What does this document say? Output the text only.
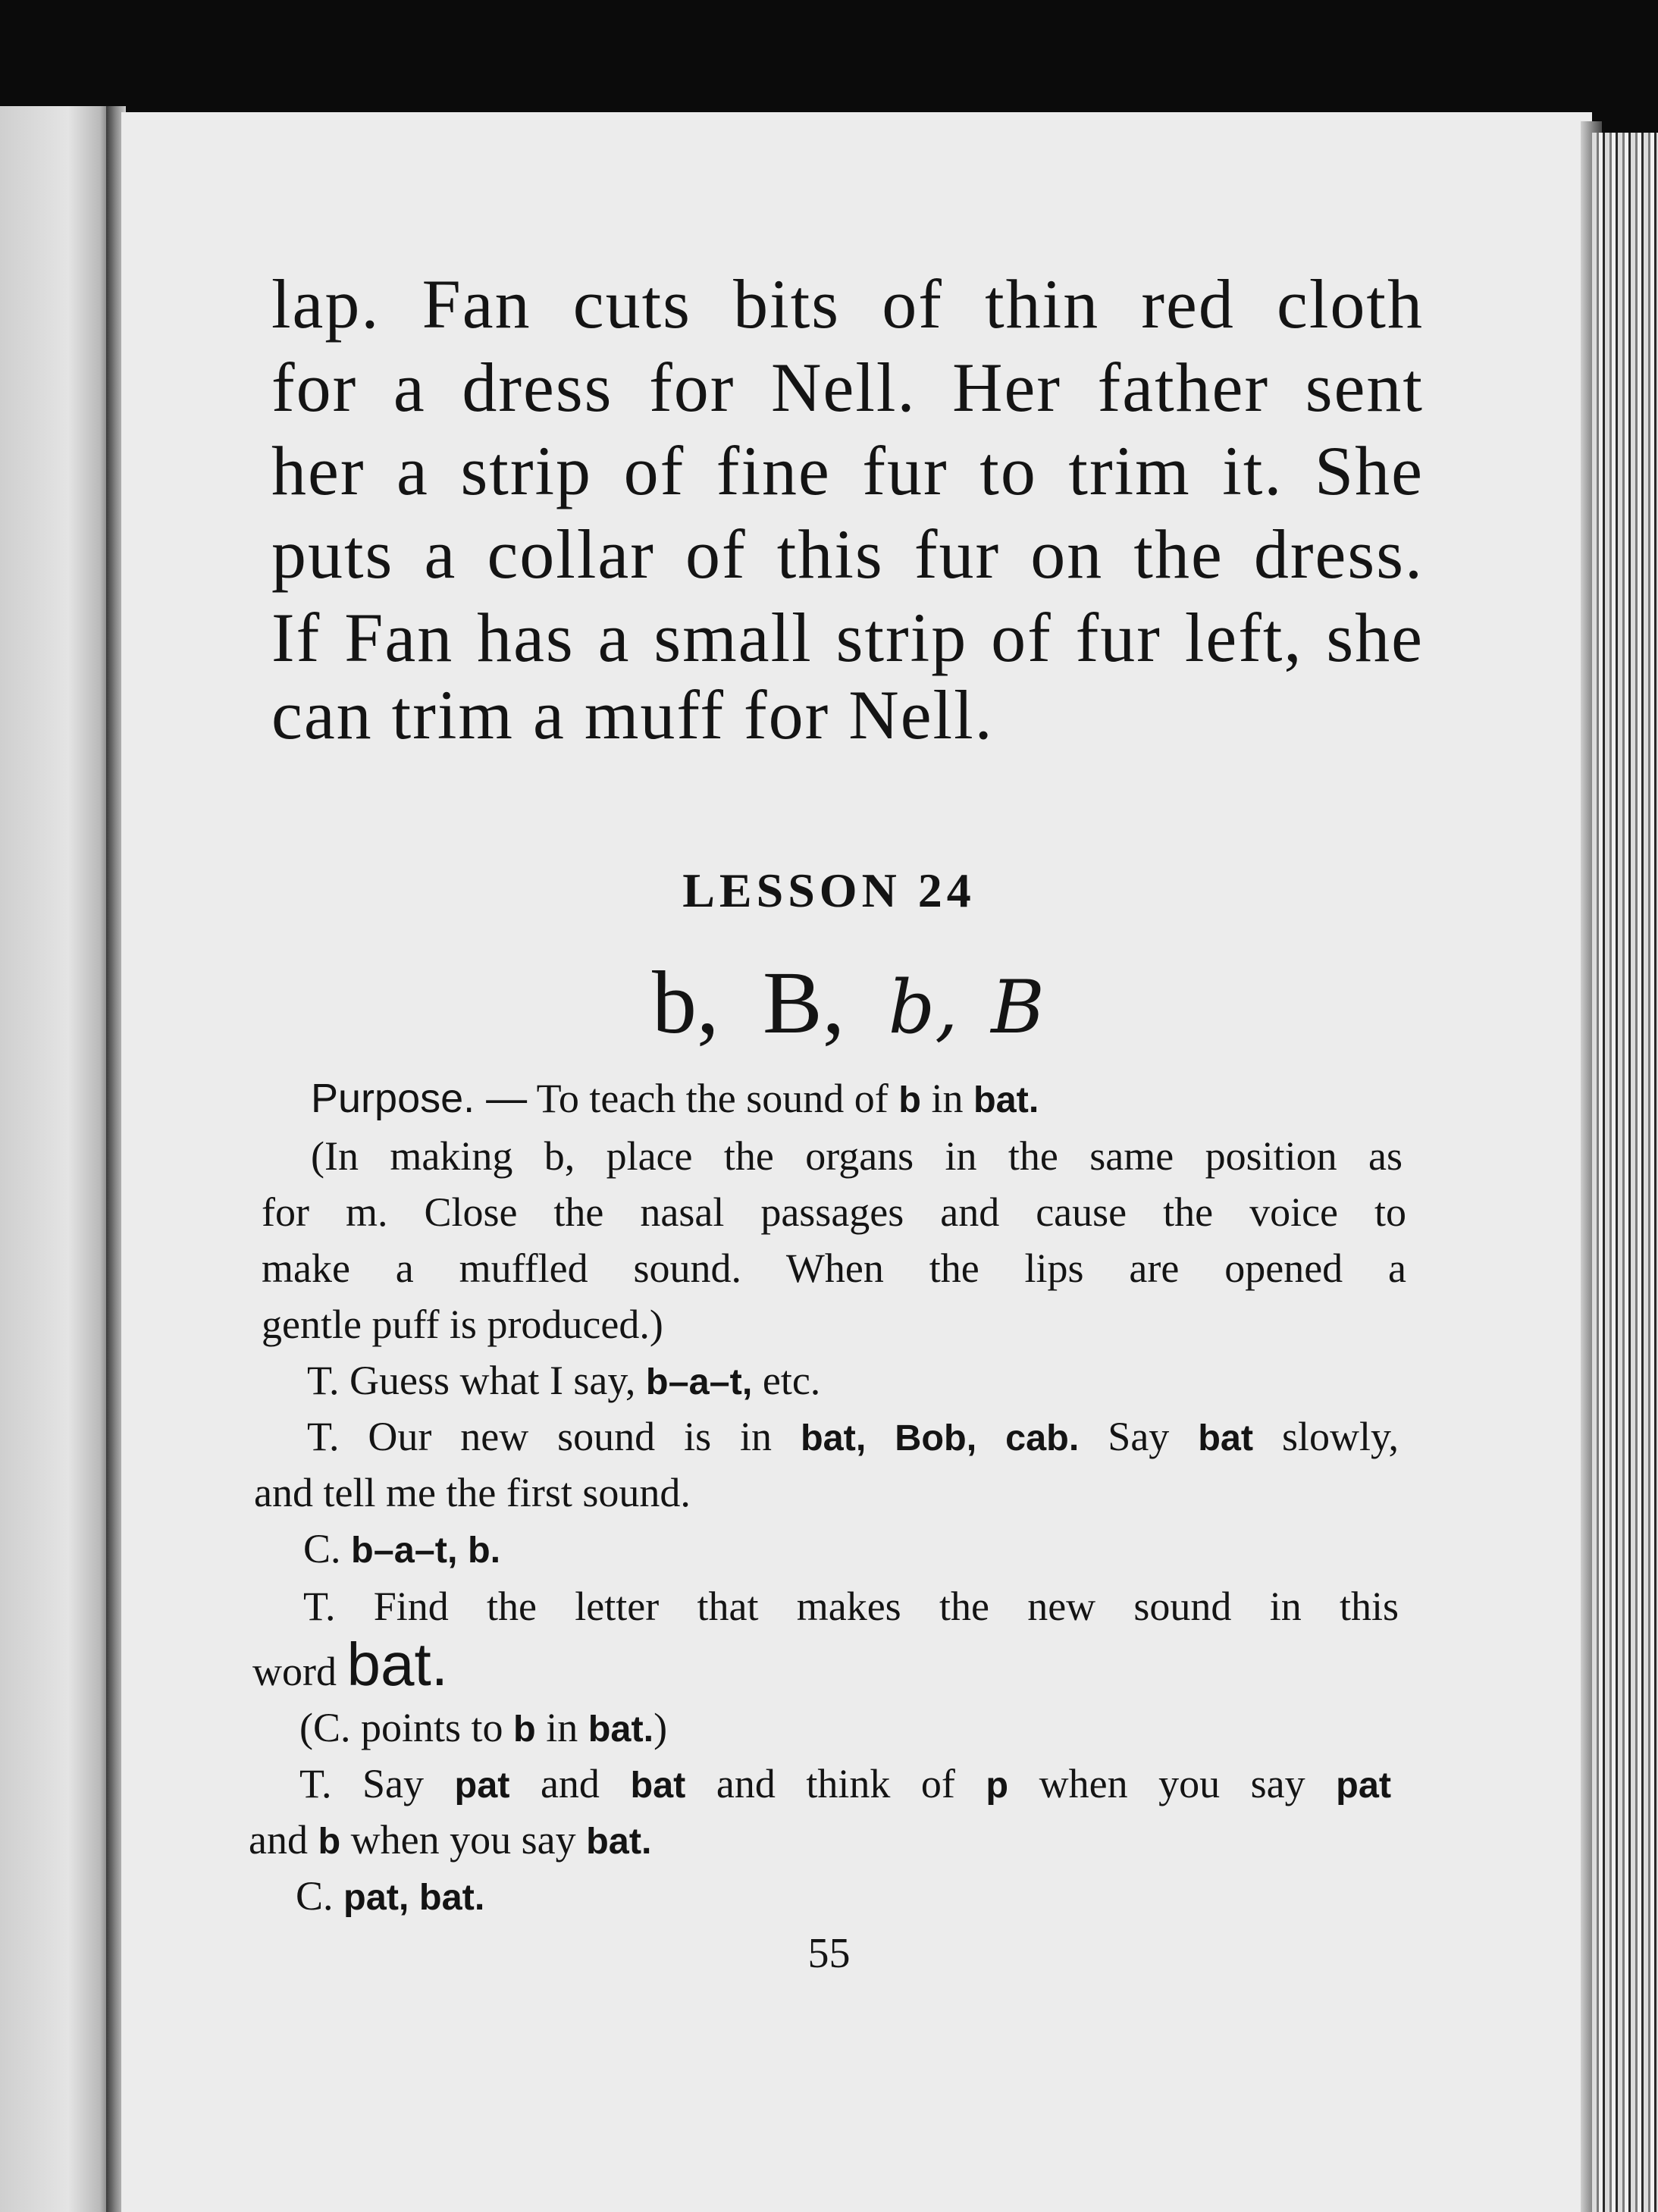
lap. Fan cuts bits of thin red cloth

for a dress for Nell. Her father sent

her a strip of fine fur to trim it. She

puts a collar of this fur on the dress.

If Fan has a small strip of fur left, she

can trim a muff for Nell.

LESSON 24
b, B, b, B

Purpose. — To teach the sound of b in bat.

(In making b, place the organs in the same position as

for m. Close the nasal passages and cause the voice to

make a muffled sound. When the lips are opened a

gentle puff is produced.)

T. Guess what I say, b–a–t, etc.

T. Our new sound is in bat, Bob, cab. Say bat slowly,

and tell me the first sound.

C. b–a–t, b.

T. Find the letter that makes the new sound in this

word bat.

(C. points to b in bat.)

T. Say pat and bat and think of p when you say pat

and b when you say bat.

C. pat, bat.

55
